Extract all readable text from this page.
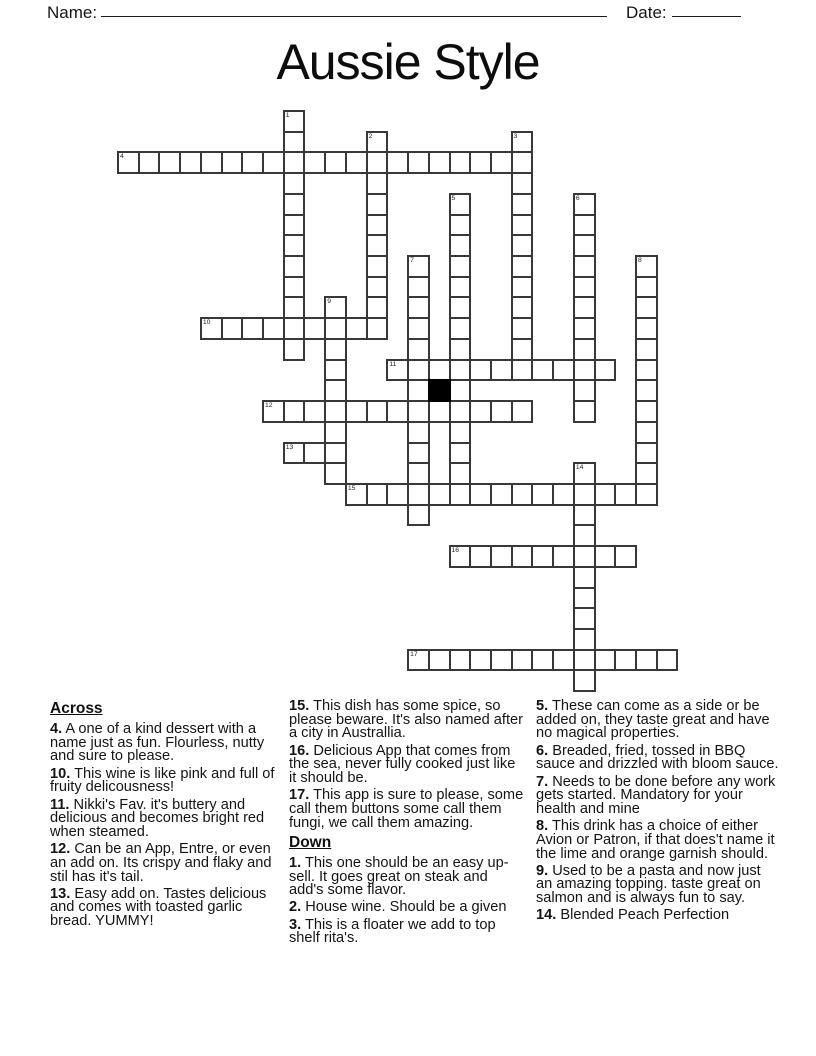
Name:	Date:
Aussie Style
1
2	3
4
5	6
7	8
9
10
11
12
13
14
15
16
17
Across

4. A one of a kind dessert with a name just as fun. Flourless, nutty and sure to please.

10. This wine is like pink and full of fruity delicousness!

11. Nikki's Fav. it's buttery and delicious and becomes bright red when steamed.

12. Can be an App, Entre, or even an add on. Its crispy and flaky and stil has it's tail.

13. Easy add on. Tastes delicious and comes with toasted garlic bread. YUMMY!

15. This dish has some spice, so please beware. It's also named after a city in Australlia.

16. Delicious App that comes from the sea, never fully cooked just like it should be.

17. This app is sure to please, some call them buttons some call them fungi, we call them amazing.

Down

1. This one should be an easy up-sell. It goes great on steak and add's some flavor.

2. House wine. Should be a given

3. This is a floater we add to top shelf rita's.

5. These can come as a side or be added on, they taste great and have no magical properties.

6. Breaded, fried, tossed in BBQ sauce and drizzled with bloom sauce.

7. Needs to be done before any work gets started. Mandatory for your health and mine

8. This drink has a choice of either Avion or Patron, if that does't name it the lime and orange garnish should.

9. Used to be a pasta and now just an amazing topping. taste great on salmon and is always fun to say.

14. Blended Peach Perfection
